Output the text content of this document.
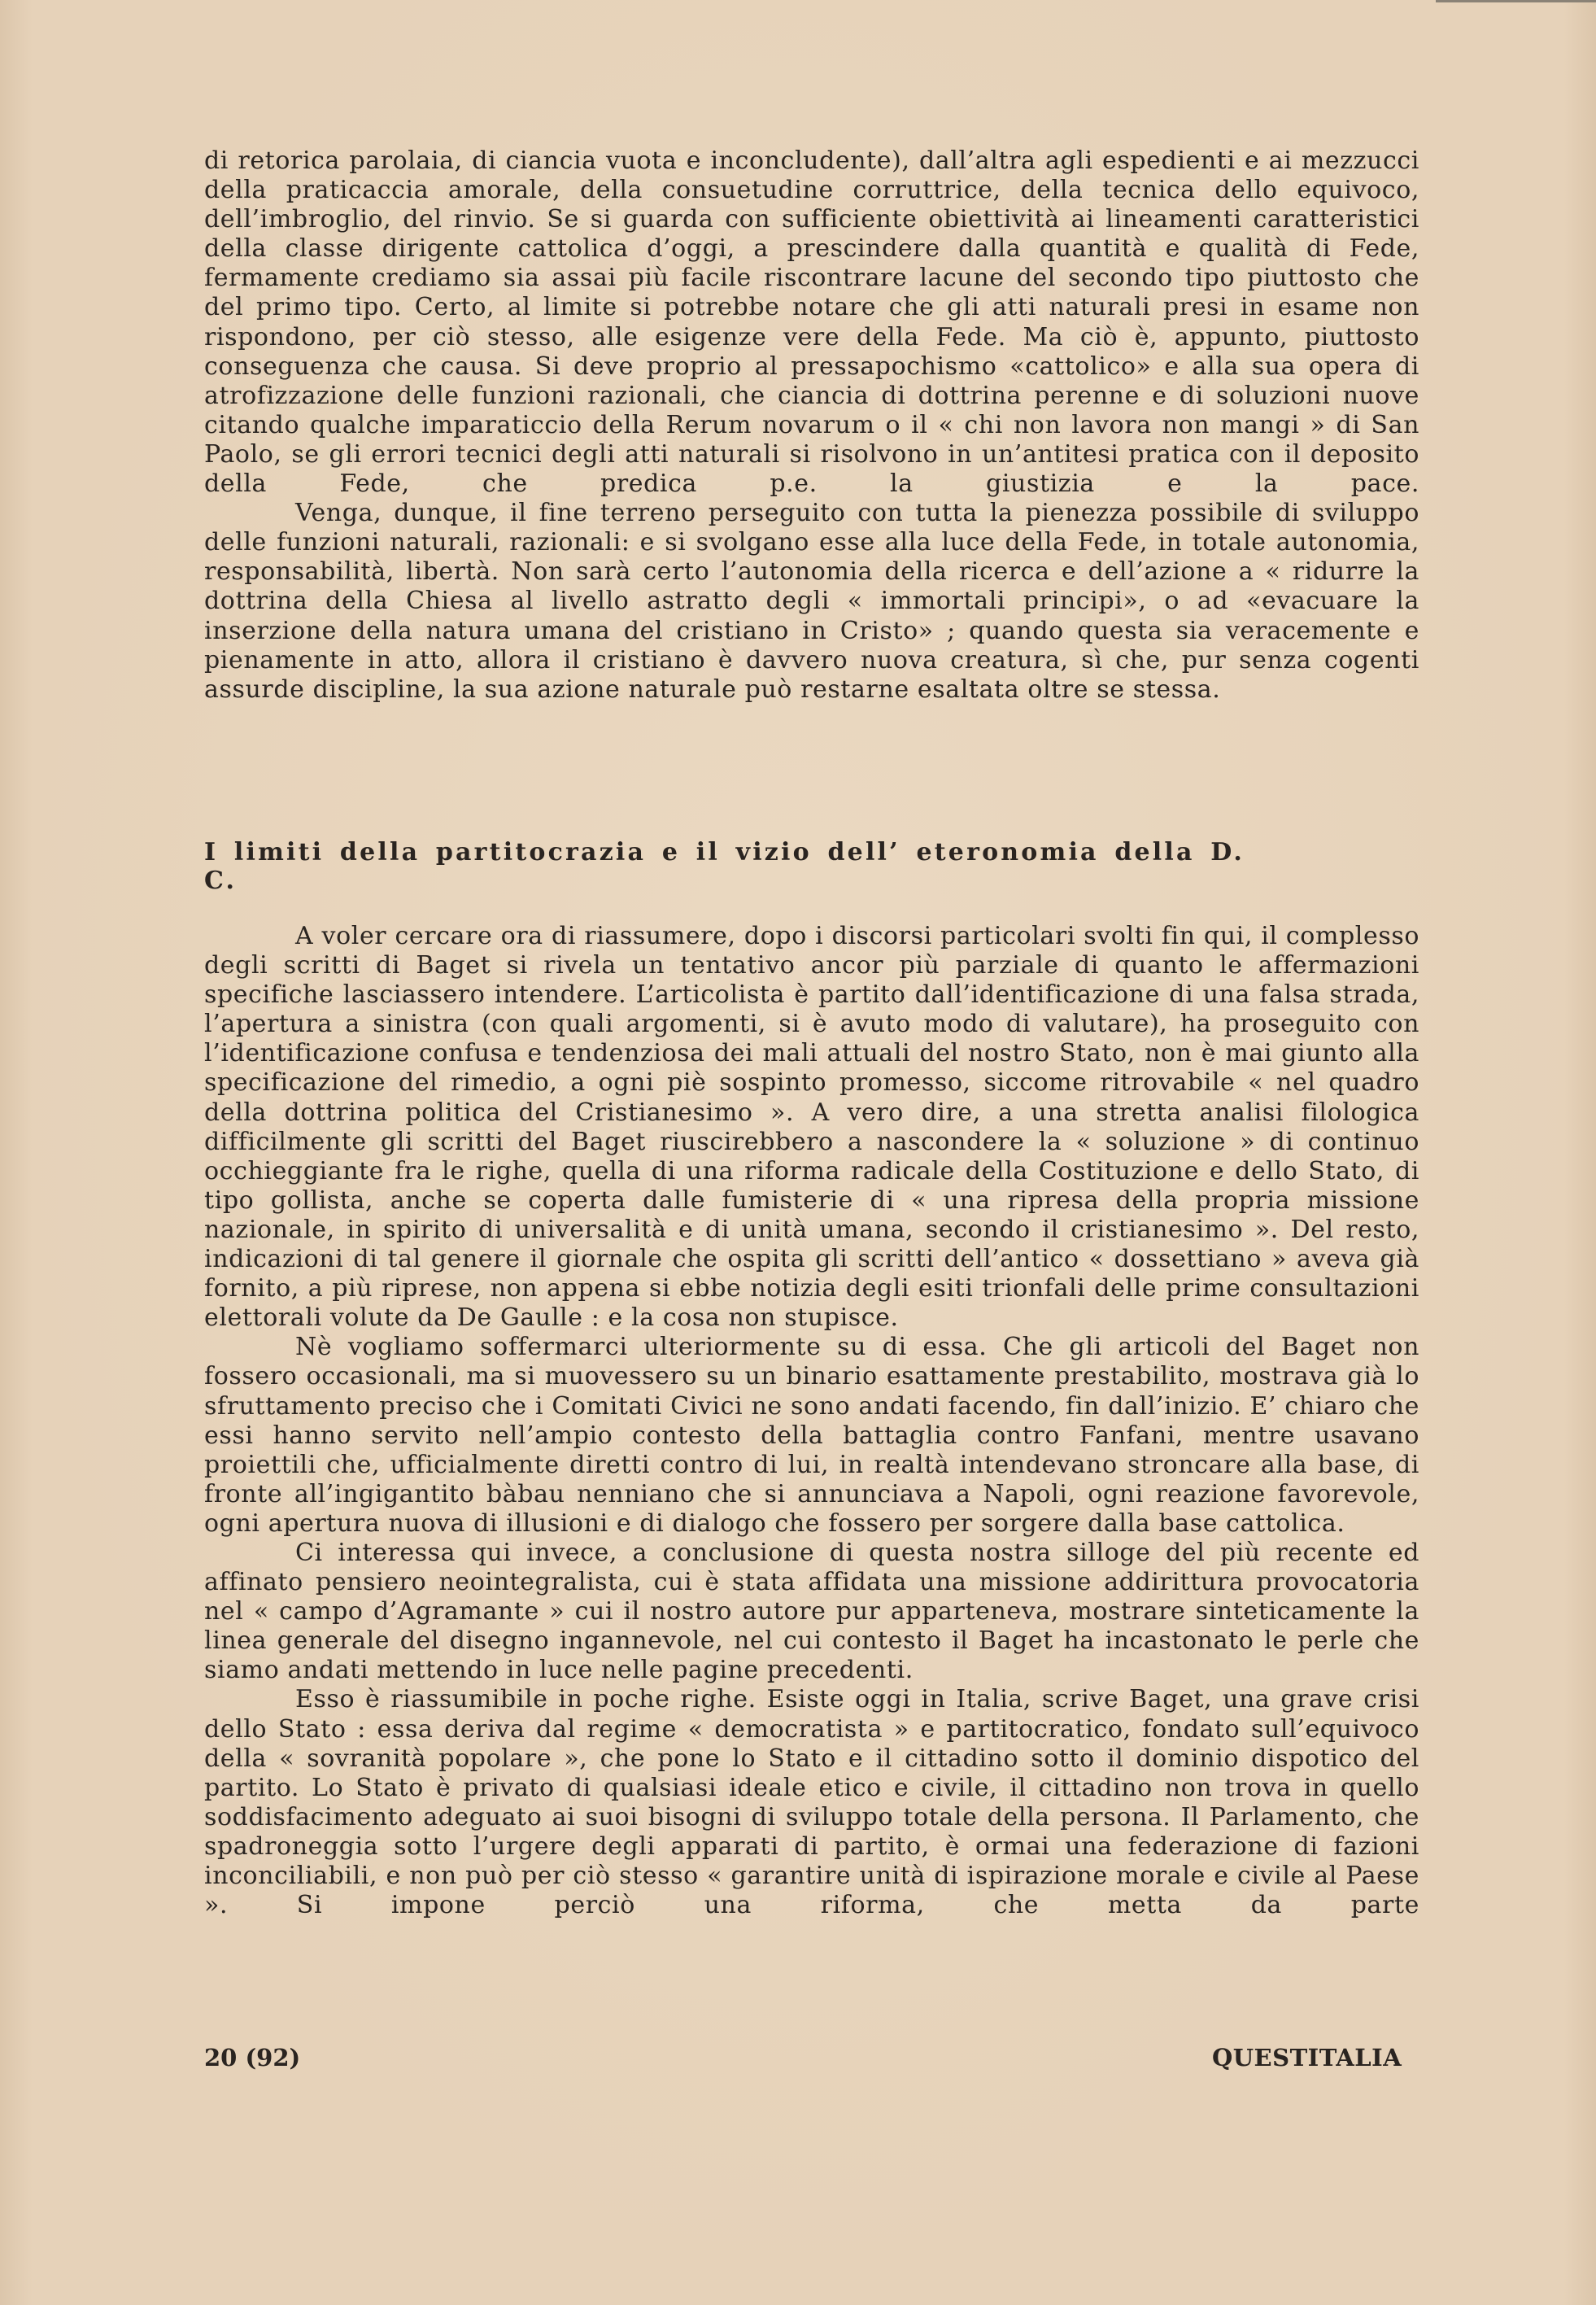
di retorica parolaia, di ciancia vuota e inconcludente), dall’altra agli espedienti e ai mezzucci della praticaccia amorale, della consuetudine corruttrice, della tecnica dello equivoco, dell’imbroglio, del rinvio. Se si guarda con sufficiente obiettività ai lineamenti caratteristici della classe dirigente cattolica d’oggi, a prescindere dalla quantità e qualità di Fede, fermamente crediamo sia assai più facile riscontrare lacune del secondo tipo piuttosto che del primo tipo. Certo, al limite si potrebbe notare che gli atti naturali presi in esame non rispondono, per ciò stesso, alle esigenze vere della Fede. Ma ciò è, appunto, piuttosto conseguenza che causa. Si deve proprio al pressapochismo «cattolico» e alla sua opera di atrofizzazione delle funzioni razionali, che ciancia di dottrina perenne e di soluzioni nuove citando qualche imparaticcio della Rerum novarum o il « chi non lavora non mangi » di San Paolo, se gli errori tecnici degli atti naturali si risolvono in un’antitesi pratica con il deposito della Fede, che predica p.e. la giustizia e la pace.

Venga, dunque, il fine terreno perseguito con tutta la pienezza possibile di sviluppo delle funzioni naturali, razionali: e si svolgano esse alla luce della Fede, in totale autonomia, responsabilità, libertà. Non sarà certo l’autonomia della ricerca e dell’azione a « ridurre la dottrina della Chiesa al livello astratto degli « immortali principi», o ad «evacuare la inserzione della natura umana del cristiano in Cristo» ; quando questa sia veracemente e pienamente in atto, allora il cristiano è davvero nuova creatura, sì che, pur senza cogenti assurde discipline, la sua azione naturale può restarne esaltata oltre se stessa.

I limiti della partitocrazia e il vizio dell’ eteronomia della D. C.

A voler cercare ora di riassumere, dopo i discorsi particolari svolti fin qui, il complesso degli scritti di Baget si rivela un tentativo ancor più parziale di quanto le affermazioni specifiche lasciassero intendere. L’articolista è partito dall’identificazione di una falsa strada, l’apertura a sinistra (con quali argomenti, si è avuto modo di valutare), ha proseguito con l’identificazione confusa e tendenziosa dei mali attuali del nostro Stato, non è mai giunto alla specificazione del rimedio, a ogni piè sospinto promesso, siccome ritrovabile « nel quadro della dottrina politica del Cristianesimo ». A vero dire, a una stretta analisi filologica difficilmente gli scritti del Baget riuscirebbero a nascondere la « soluzione » di continuo occhieggiante fra le righe, quella di una riforma radicale della Costituzione e dello Stato, di tipo gollista, anche se coperta dalle fumisterie di « una ripresa della propria missione nazionale, in spirito di universalità e di unità umana, secondo il cristianesimo ». Del resto, indicazioni di tal genere il giornale che ospita gli scritti dell’antico « dossettiano » aveva già fornito, a più riprese, non appena si ebbe notizia degli esiti trionfali delle prime consultazioni elettorali volute da De Gaulle : e la cosa non stupisce.

Nè vogliamo soffermarci ulteriormente su di essa. Che gli articoli del Baget non fossero occasionali, ma si muovessero su un binario esattamente prestabilito, mostrava già lo sfruttamento preciso che i Comitati Civici ne sono andati facendo, fin dall’inizio. E’ chiaro che essi hanno servito nell’ampio contesto della battaglia contro Fanfani, mentre usavano proiettili che, ufficialmente diretti contro di lui, in realtà intendevano stroncare alla base, di fronte all’ingigantito bàbau nenniano che si annunciava a Napoli, ogni reazione favorevole, ogni apertura nuova di illusioni e di dialogo che fossero per sorgere dalla base cattolica.

Ci interessa qui invece, a conclusione di questa nostra silloge del più recente ed affinato pensiero neointegralista, cui è stata affidata una missione addirittura provocatoria nel « campo d’Agramante » cui il nostro autore pur apparteneva, mostrare sinteticamente la linea generale del disegno ingannevole, nel cui contesto il Baget ha incastonato le perle che siamo andati mettendo in luce nelle pagine precedenti.

Esso è riassumibile in poche righe. Esiste oggi in Italia, scrive Baget, una grave crisi dello Stato : essa deriva dal regime « democratista » e partitocratico, fondato sull’equivoco della « sovranità popolare », che pone lo Stato e il cittadino sotto il dominio dispotico del partito. Lo Stato è privato di qualsiasi ideale etico e civile, il cittadino non trova in quello soddisfacimento adeguato ai suoi bisogni di sviluppo totale della persona. Il Parlamento, che spadroneggia sotto l’urgere degli apparati di partito, è ormai una federazione di fazioni inconciliabili, e non può per ciò stesso « garantire unità di ispirazione morale e civile al Paese ». Si impone perciò una riforma, che metta da parte

20 (92)	QUESTITALIA
